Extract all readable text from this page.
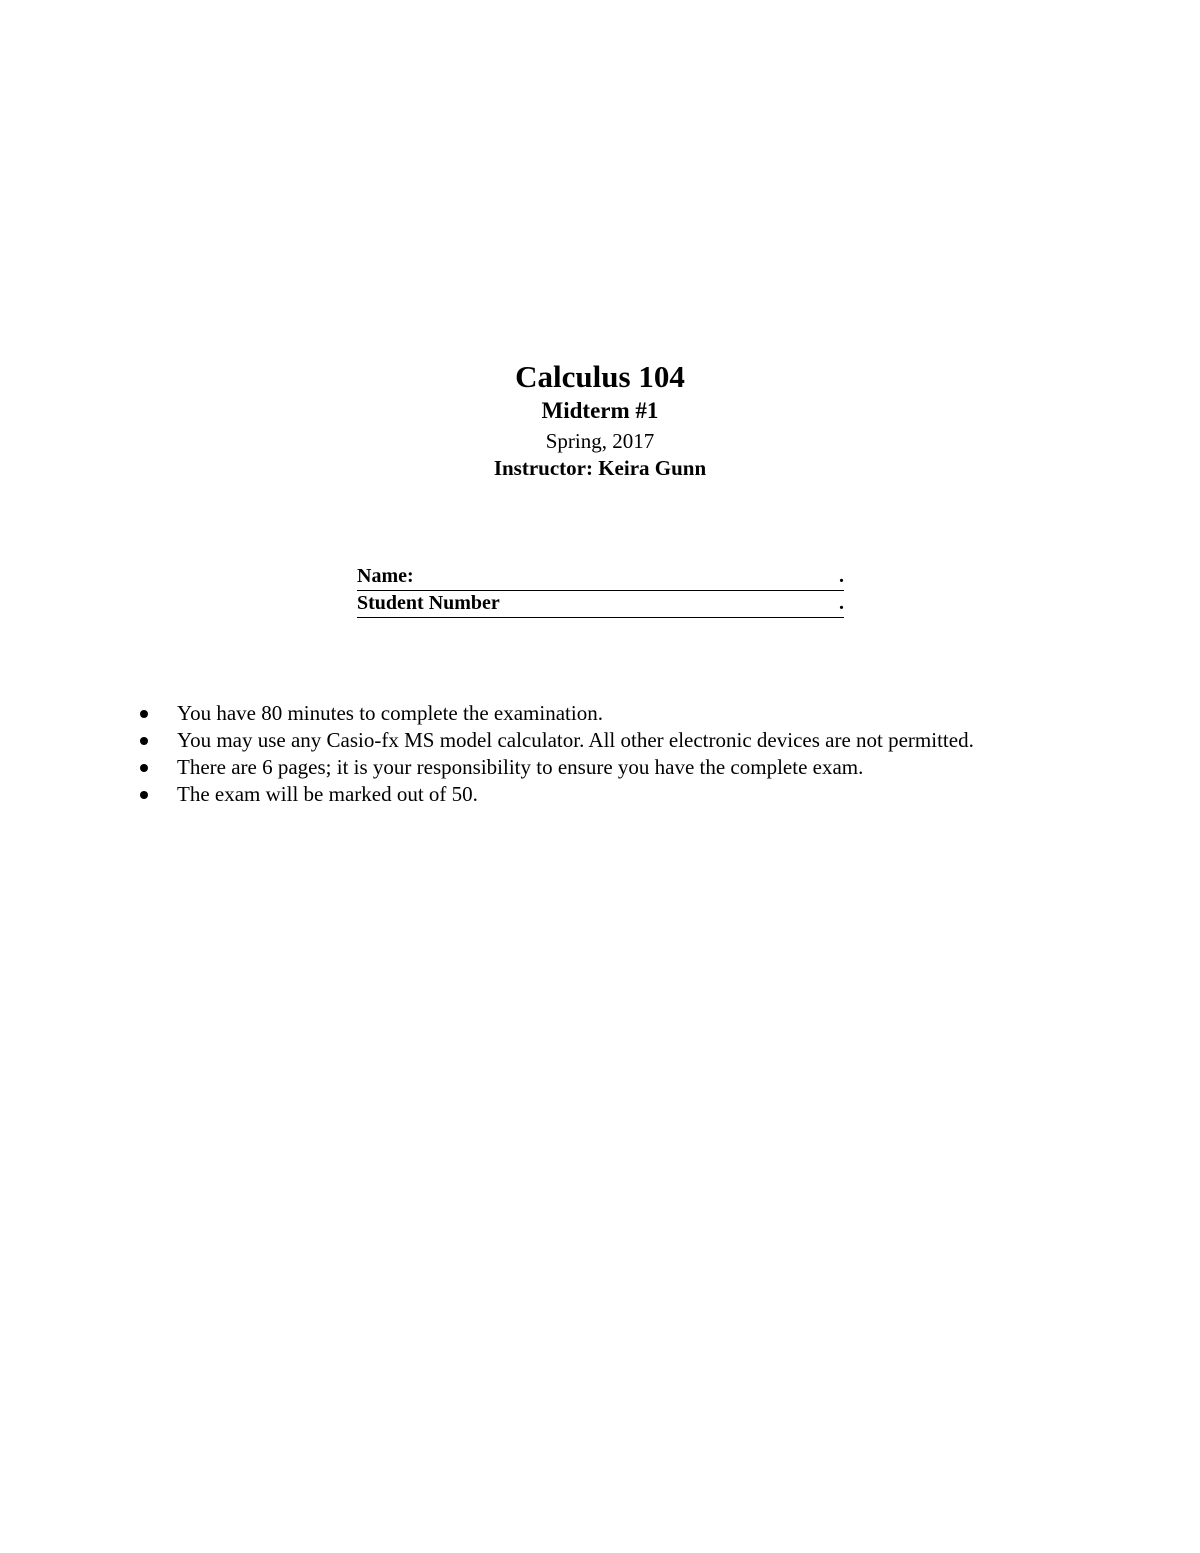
Calculus 104
Midterm #1
Spring, 2017
Instructor: Keira Gunn
Name:	.
Student Number	.
You have 80 minutes to complete the examination.
You may use any Casio-fx MS model calculator. All other electronic devices are not permitted.
There are 6 pages; it is your responsibility to ensure you have the complete exam.
The exam will be marked out of 50.
